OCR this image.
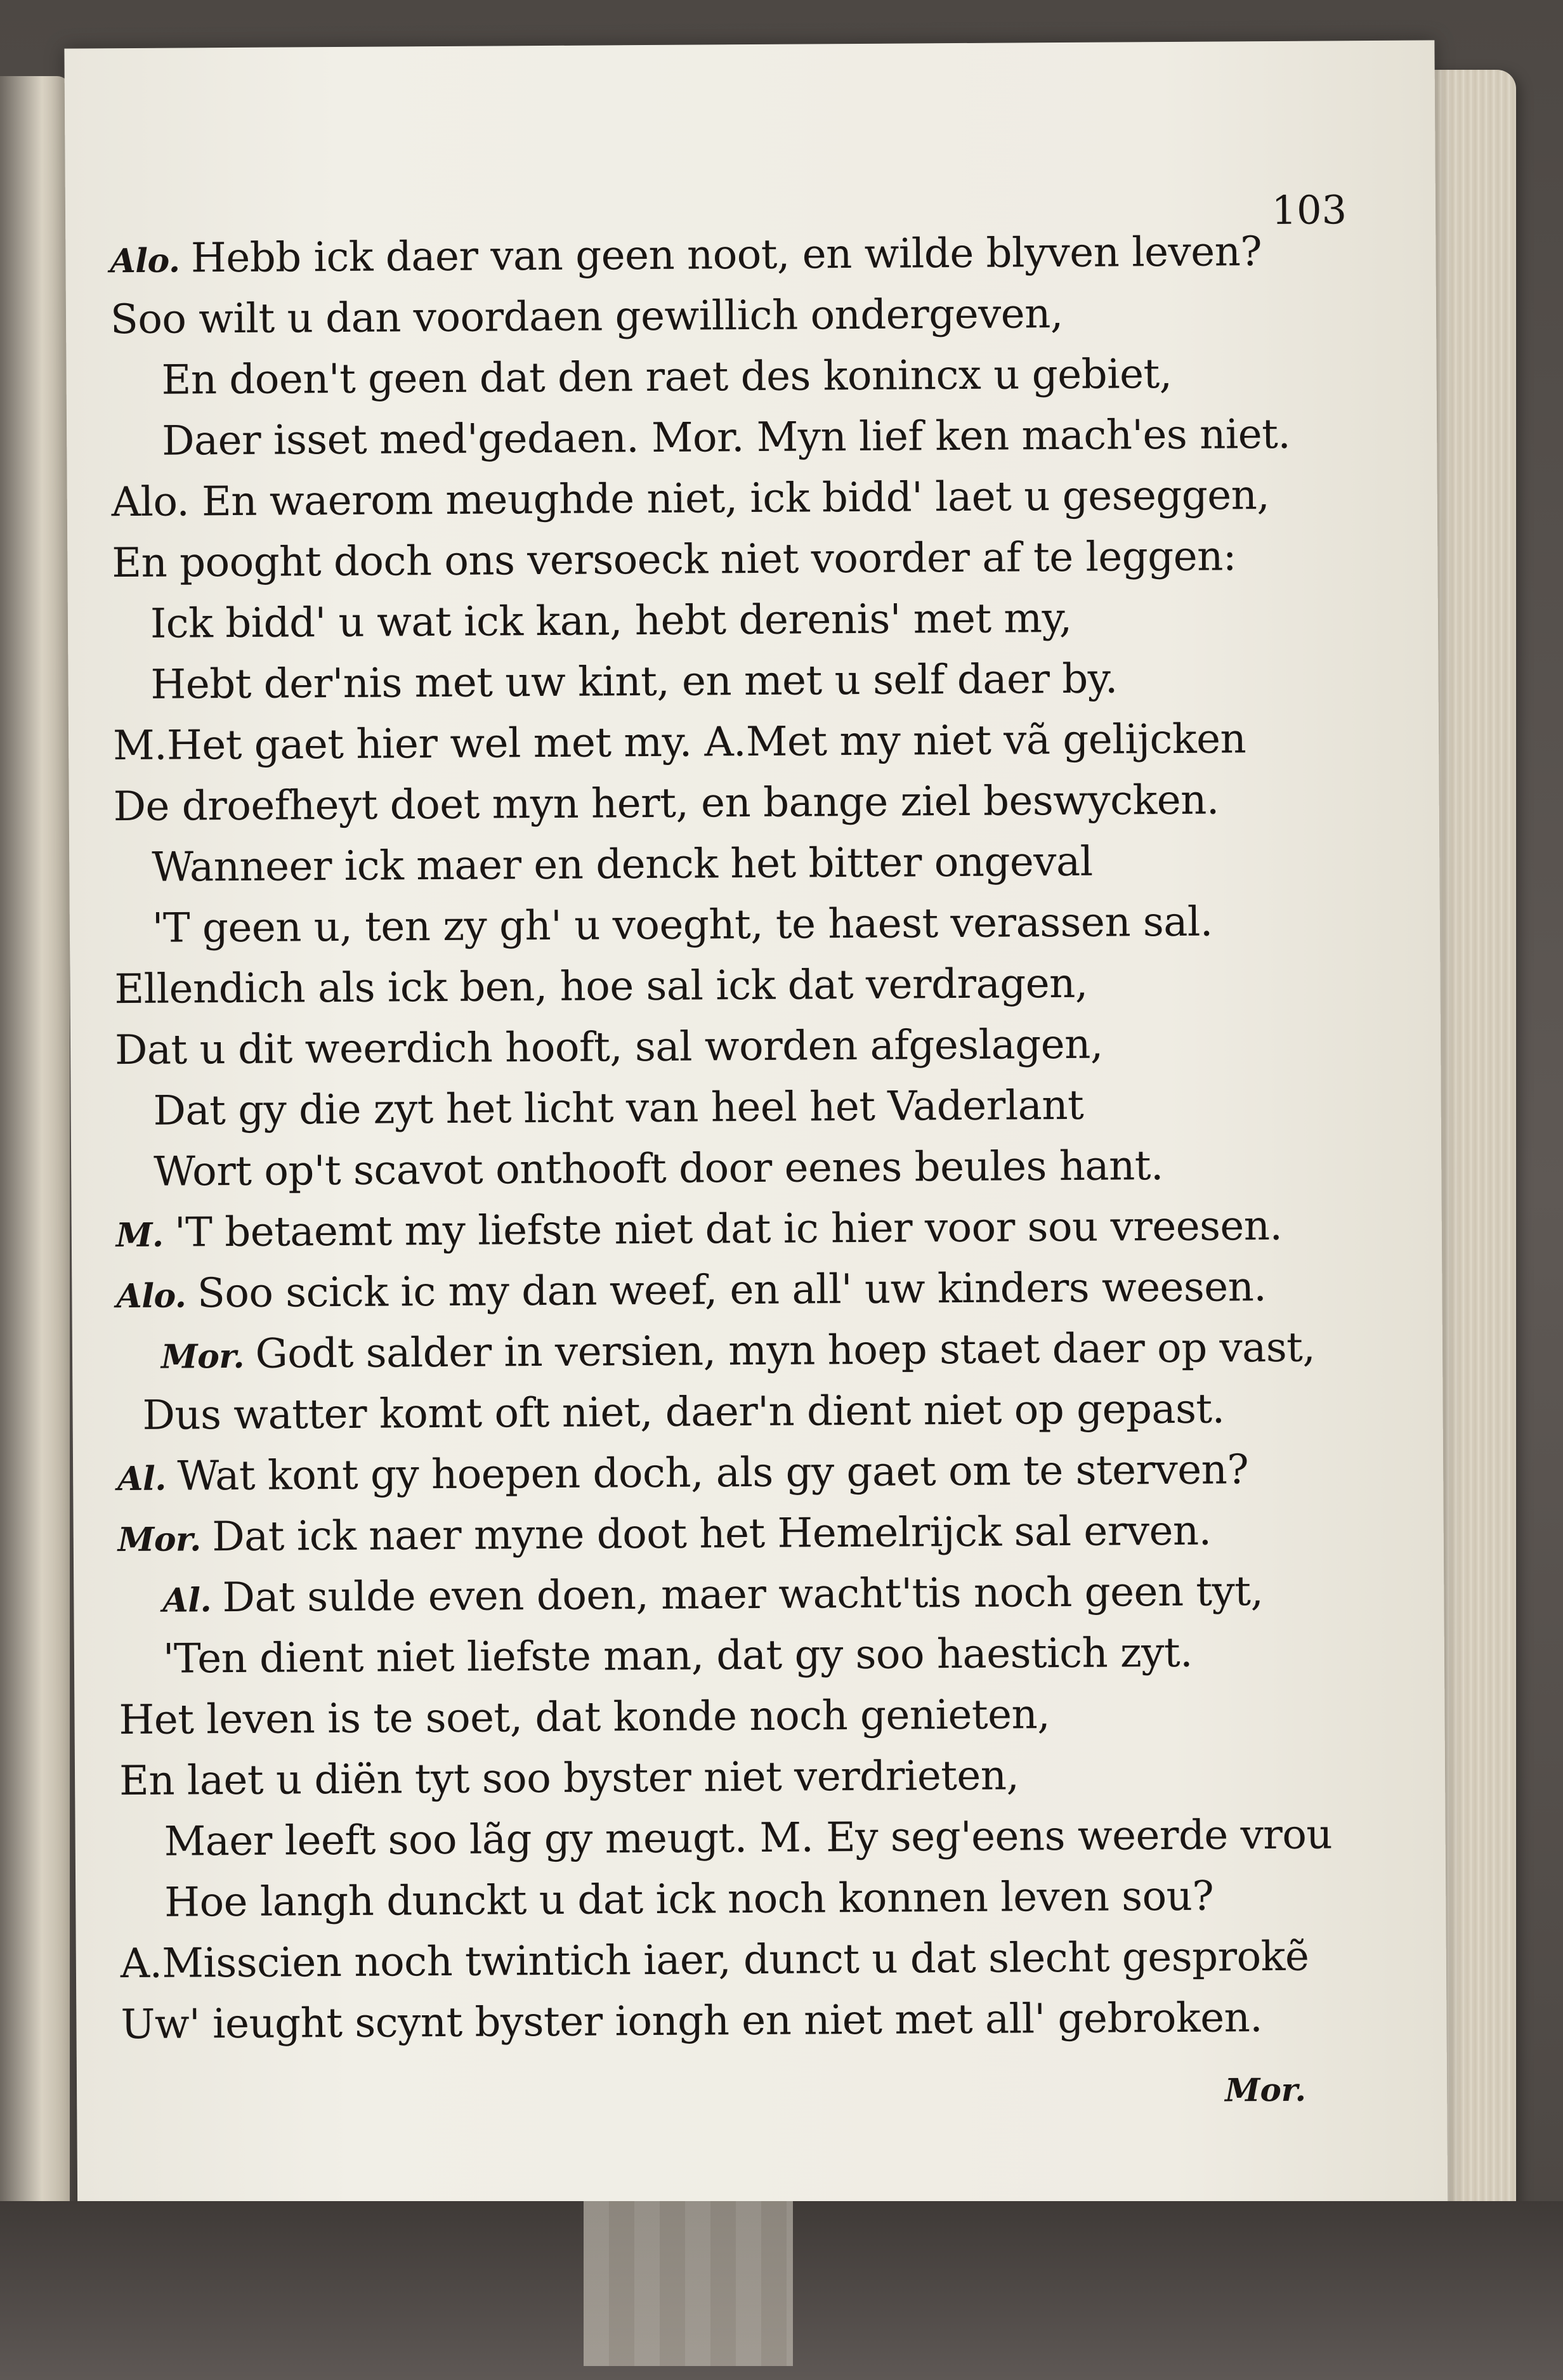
103
Alo. Hebb ick daer van geen noot, en wilde blyven leven?
Soo wilt u dan voordaen gewillich ondergeven,
En doen't geen dat den raet des konincx u gebiet,
Daer isset med'gedaen. Mor. Myn lief ken mach'es niet.
Alo. En waerom meughde niet, ick bidd' laet u geseggen,
En pooght doch ons versoeck niet voorder af te leggen:
Ick bidd' u wat ick kan, hebt derenis' met my,
Hebt der'nis met uw kint, en met u self daer by.
M.Het gaet hier wel met my. A.Met my niet vã gelijcken
De droefheyt doet myn hert, en bange ziel beswycken.
Wanneer ick maer en denck het bitter ongeval
'T geen u, ten zy gh' u voeght, te haest verassen sal.
Ellendich als ick ben, hoe sal ick dat verdragen,
Dat u dit weerdich hooft, sal worden afgeslagen,
Dat gy die zyt het licht van heel het Vaderlant
Wort op't scavot onthooft door eenes beules hant.
M. 'T betaemt my liefste niet dat ic hier voor sou vreesen.
Alo. Soo scick ic my dan weef, en all' uw kinders weesen.
Mor. Godt salder in versien, myn hoep staet daer op vast,
Dus watter komt oft niet, daer'n dient niet op gepast.
Al. Wat kont gy hoepen doch, als gy gaet om te sterven?
Mor. Dat ick naer myne doot het Hemelrijck sal erven.
Al. Dat sulde even doen, maer wacht'tis noch geen tyt,
'Ten dient niet liefste man, dat gy soo haestich zyt.
Het leven is te soet, dat konde noch genieten,
En laet u diën tyt soo byster niet verdrieten,
Maer leeft soo lãg gy meugt. M. Ey seg'eens weerde vrou
Hoe langh dunckt u dat ick noch konnen leven sou?
A.Misscien noch twintich iaer, dunct u dat slecht gesprokẽ
Uw' ieught scynt byster iongh en niet met all' gebroken.
Mor.
